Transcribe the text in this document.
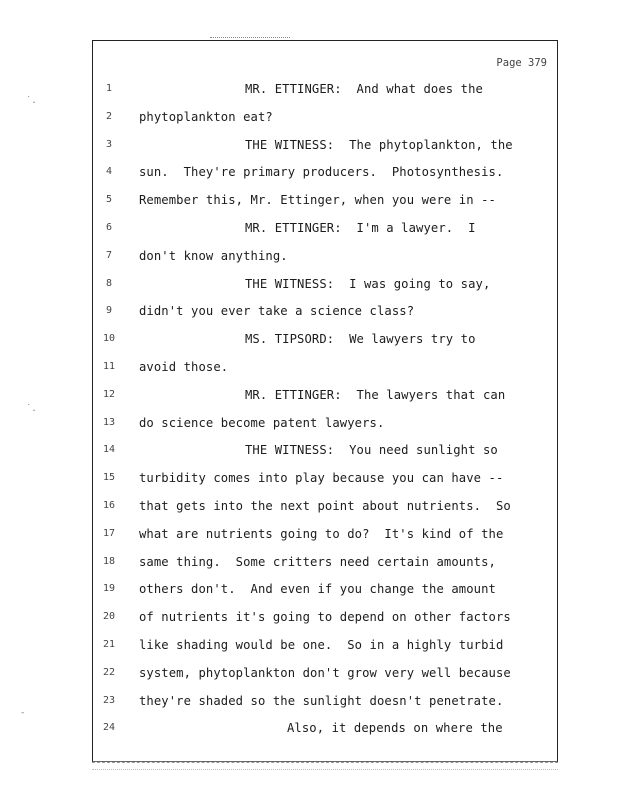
Page 379
1
2
3
4
5
6
7
8
9
10
11
12
13
14
15
16
17
18
19
20
21
22
23
24
MR. ETTINGER:  And what does the
phytoplankton eat?
THE WITNESS:  The phytoplankton, the
sun.  They're primary producers.  Photosynthesis.
Remember this, Mr. Ettinger, when you were in --
MR. ETTINGER:  I'm a lawyer.  I
don't know anything.
THE WITNESS:  I was going to say,
didn't you ever take a science class?
MS. TIPSORD:  We lawyers try to
avoid those.
MR. ETTINGER:  The lawyers that can
do science become patent lawyers.
THE WITNESS:  You need sunlight so
turbidity comes into play because you can have --
that gets into the next point about nutrients.  So
what are nutrients going to do?  It's kind of the
same thing.  Some critters need certain amounts,
others don't.  And even if you change the amount
of nutrients it's going to depend on other factors
like shading would be one.  So in a highly turbid
system, phytoplankton don't grow very well because
they're shaded so the sunlight doesn't penetrate.
Also, it depends on where the
˙.
˙.
-
